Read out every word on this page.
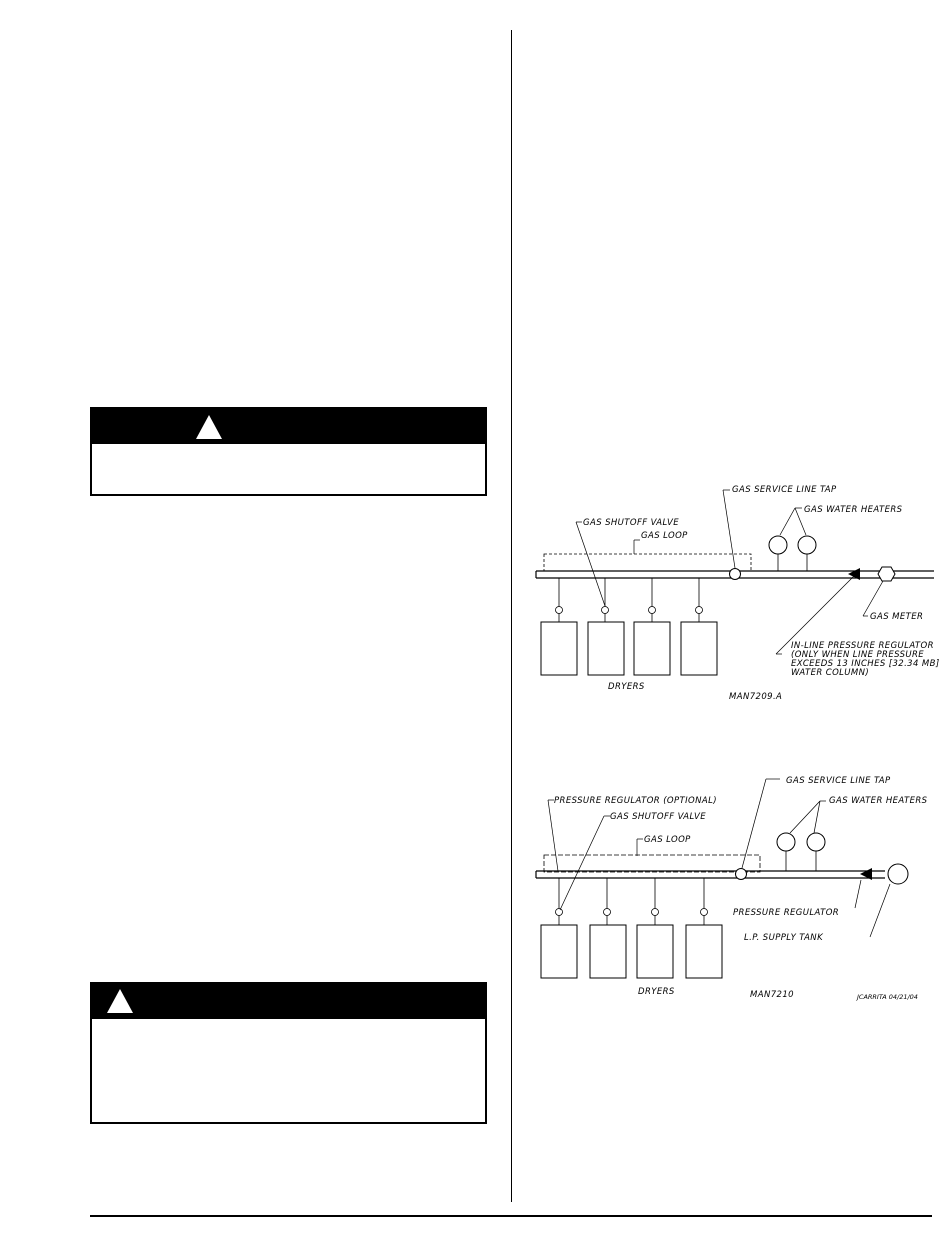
GAS SERVICE LINE TAP
GAS WATER HEATERS
GAS SHUTOFF VALVE
GAS LOOP
GAS METER
IN-LINE PRESSURE REGULATOR
(ONLY WHEN LINE PRESSURE
EXCEEDS 13 INCHES [32.34 MB]
WATER COLUMN)
DRYERS
MAN7209.A
GAS SERVICE LINE TAP
PRESSURE REGULATOR (OPTIONAL)	GAS WATER HEATERS
GAS SHUTOFF VALVE
GAS LOOP
PRESSURE REGULATOR
L.P. SUPPLY TANK
DRYERS	MAN7210	JCARRITA 04/21/04
